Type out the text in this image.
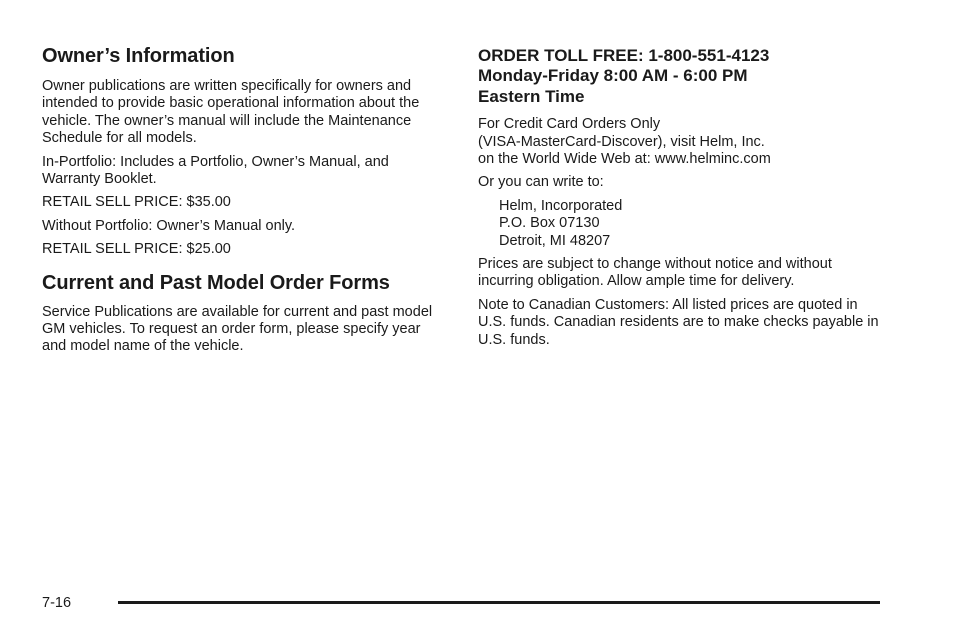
Owner’s Information

Owner publications are written specifically for owners and intended to provide basic operational information about the vehicle. The owner’s manual will include the Maintenance Schedule for all models.

In-Portfolio: Includes a Portfolio, Owner’s Manual, and Warranty Booklet.

RETAIL SELL PRICE: $35.00

Without Portfolio: Owner’s Manual only.

RETAIL SELL PRICE: $25.00

Current and Past Model Order Forms

Service Publications are available for current and past model GM vehicles. To request an order form, please specify year and model name of the vehicle.

ORDER TOLL FREE: 1-800-551-4123
Monday-Friday 8:00 AM - 6:00 PM
Eastern Time

For Credit Card Orders Only
(VISA-MasterCard-Discover), visit Helm, Inc.
on the World Wide Web at: www.helminc.com

Or you can write to:

Helm, Incorporated
P.O. Box 07130
Detroit, MI 48207

Prices are subject to change without notice and without incurring obligation. Allow ample time for delivery.

Note to Canadian Customers: All listed prices are quoted in U.S. funds. Canadian residents are to make checks payable in U.S. funds.

7-16
